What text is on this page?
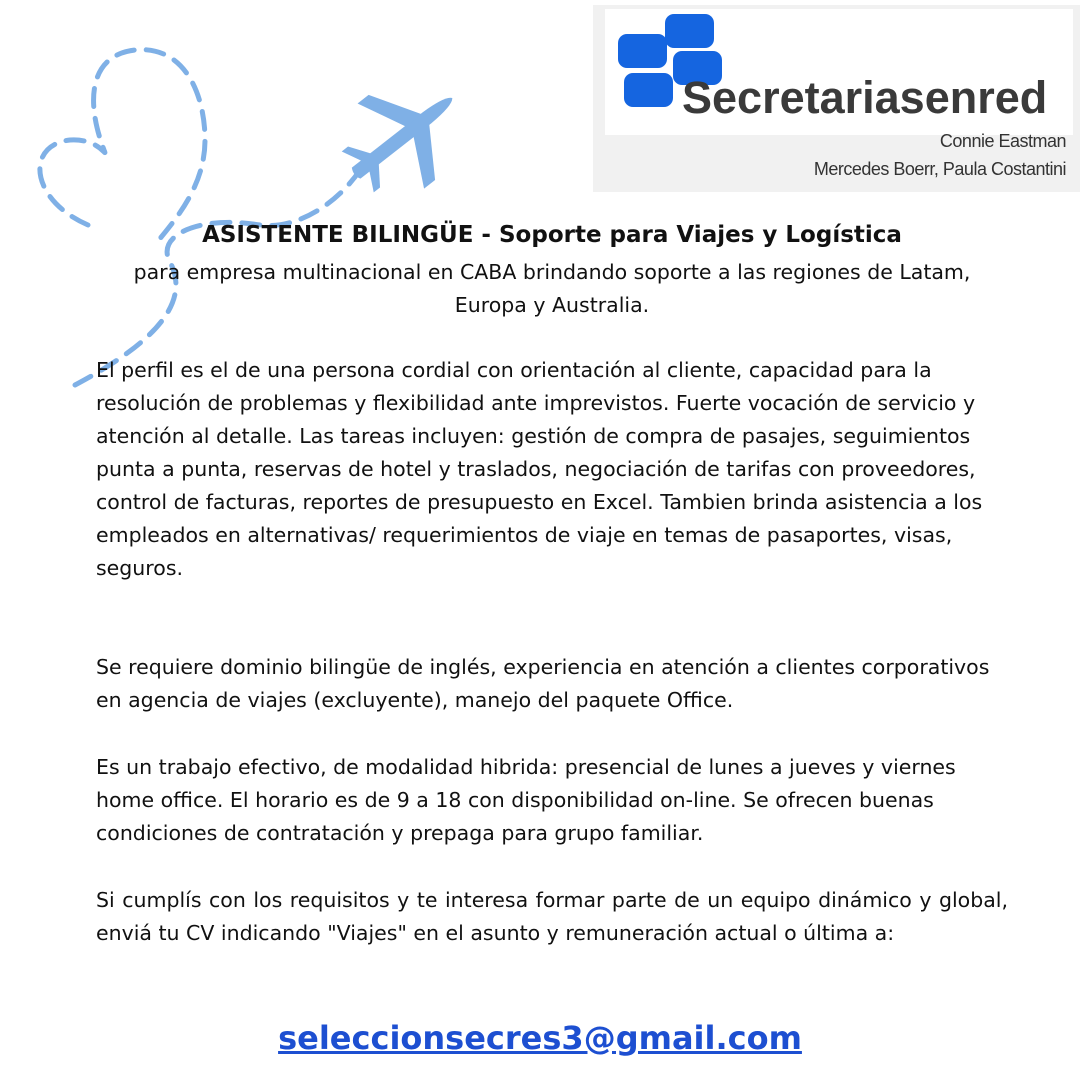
Secretariasenred

Connie Eastman

Mercedes Boerr, Paula Costantini

ASISTENTE BILINGÜE - Soporte para Viajes y Logística

para empresa multinacional en CABA brindando soporte a las regiones de Latam, Europa y Australia.

El perfil es el de una persona cordial con orientación al cliente, capacidad para la resolución de problemas y flexibilidad ante imprevistos. Fuerte vocación de servicio y atención al detalle. Las tareas incluyen: gestión de compra de pasajes, seguimientos punta a punta, reservas de hotel y traslados, negociación de tarifas con proveedores, control de facturas, reportes de presupuesto en Excel. Tambien brinda asistencia a los empleados en alternativas/ requerimientos de viaje en temas de pasaportes, visas, seguros.

Se requiere dominio bilingüe de inglés, experiencia en atención a clientes corporativos en agencia de viajes (excluyente), manejo del paquete Office.

Es un trabajo efectivo, de modalidad hibrida: presencial de lunes a jueves y viernes home office. El horario es de 9 a 18 con disponibilidad on-line. Se ofrecen buenas condiciones de contratación y prepaga para grupo familiar.

Si cumplís con los requisitos y te interesa formar parte de un equipo dinámico y global, enviá tu CV indicando "Viajes" en el asunto y remuneración actual o última a:

seleccionsecres3@gmail.com
